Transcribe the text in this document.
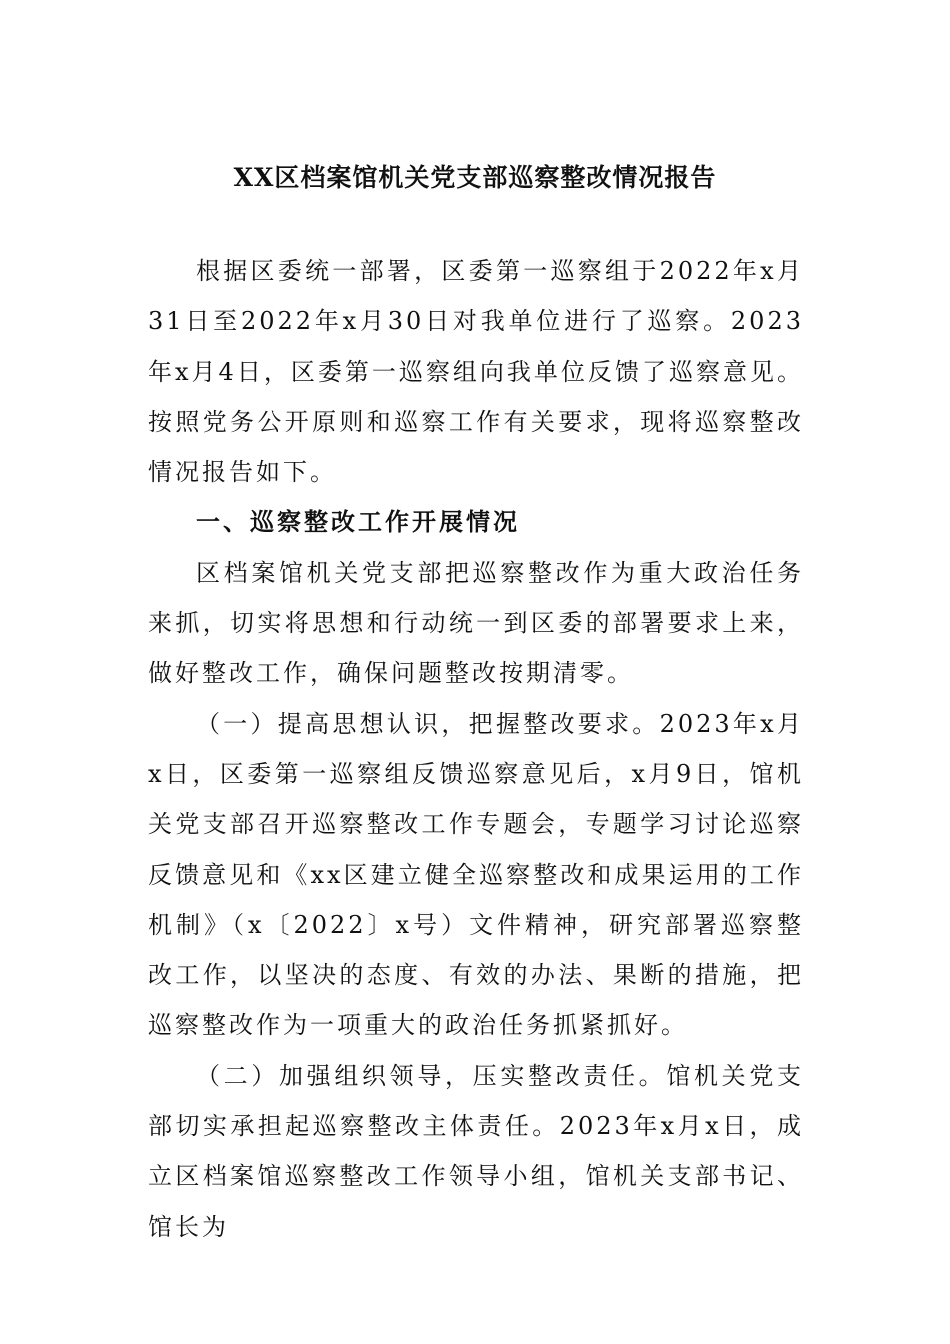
XX区档案馆机关党支部巡察整改情况报告

根据区委统一部署，区委第一巡察组于2022年x月31日至2022年x月30日对我单位进行了巡察。2023年x月4日，区委第一巡察组向我单位反馈了巡察意见。按照党务公开原则和巡察工作有关要求，现将巡察整改情况报告如下。

一、巡察整改工作开展情况

区档案馆机关党支部把巡察整改作为重大政治任务来抓，切实将思想和行动统一到区委的部署要求上来，做好整改工作，确保问题整改按期清零。

（一）提高思想认识，把握整改要求。2023年x月x日，区委第一巡察组反馈巡察意见后，x月9日，馆机关党支部召开巡察整改工作专题会，专题学习讨论巡察反馈意见和《xx区建立健全巡察整改和成果运用的工作机制》（x〔2022〕x号）文件精神，研究部署巡察整改工作，以坚决的态度、有效的办法、果断的措施，把巡察整改作为一项重大的政治任务抓紧抓好。

（二）加强组织领导，压实整改责任。馆机关党支部切实承担起巡察整改主体责任。2023年x月x日，成立区档案馆巡察整改工作领导小组，馆机关支部书记、馆长为
